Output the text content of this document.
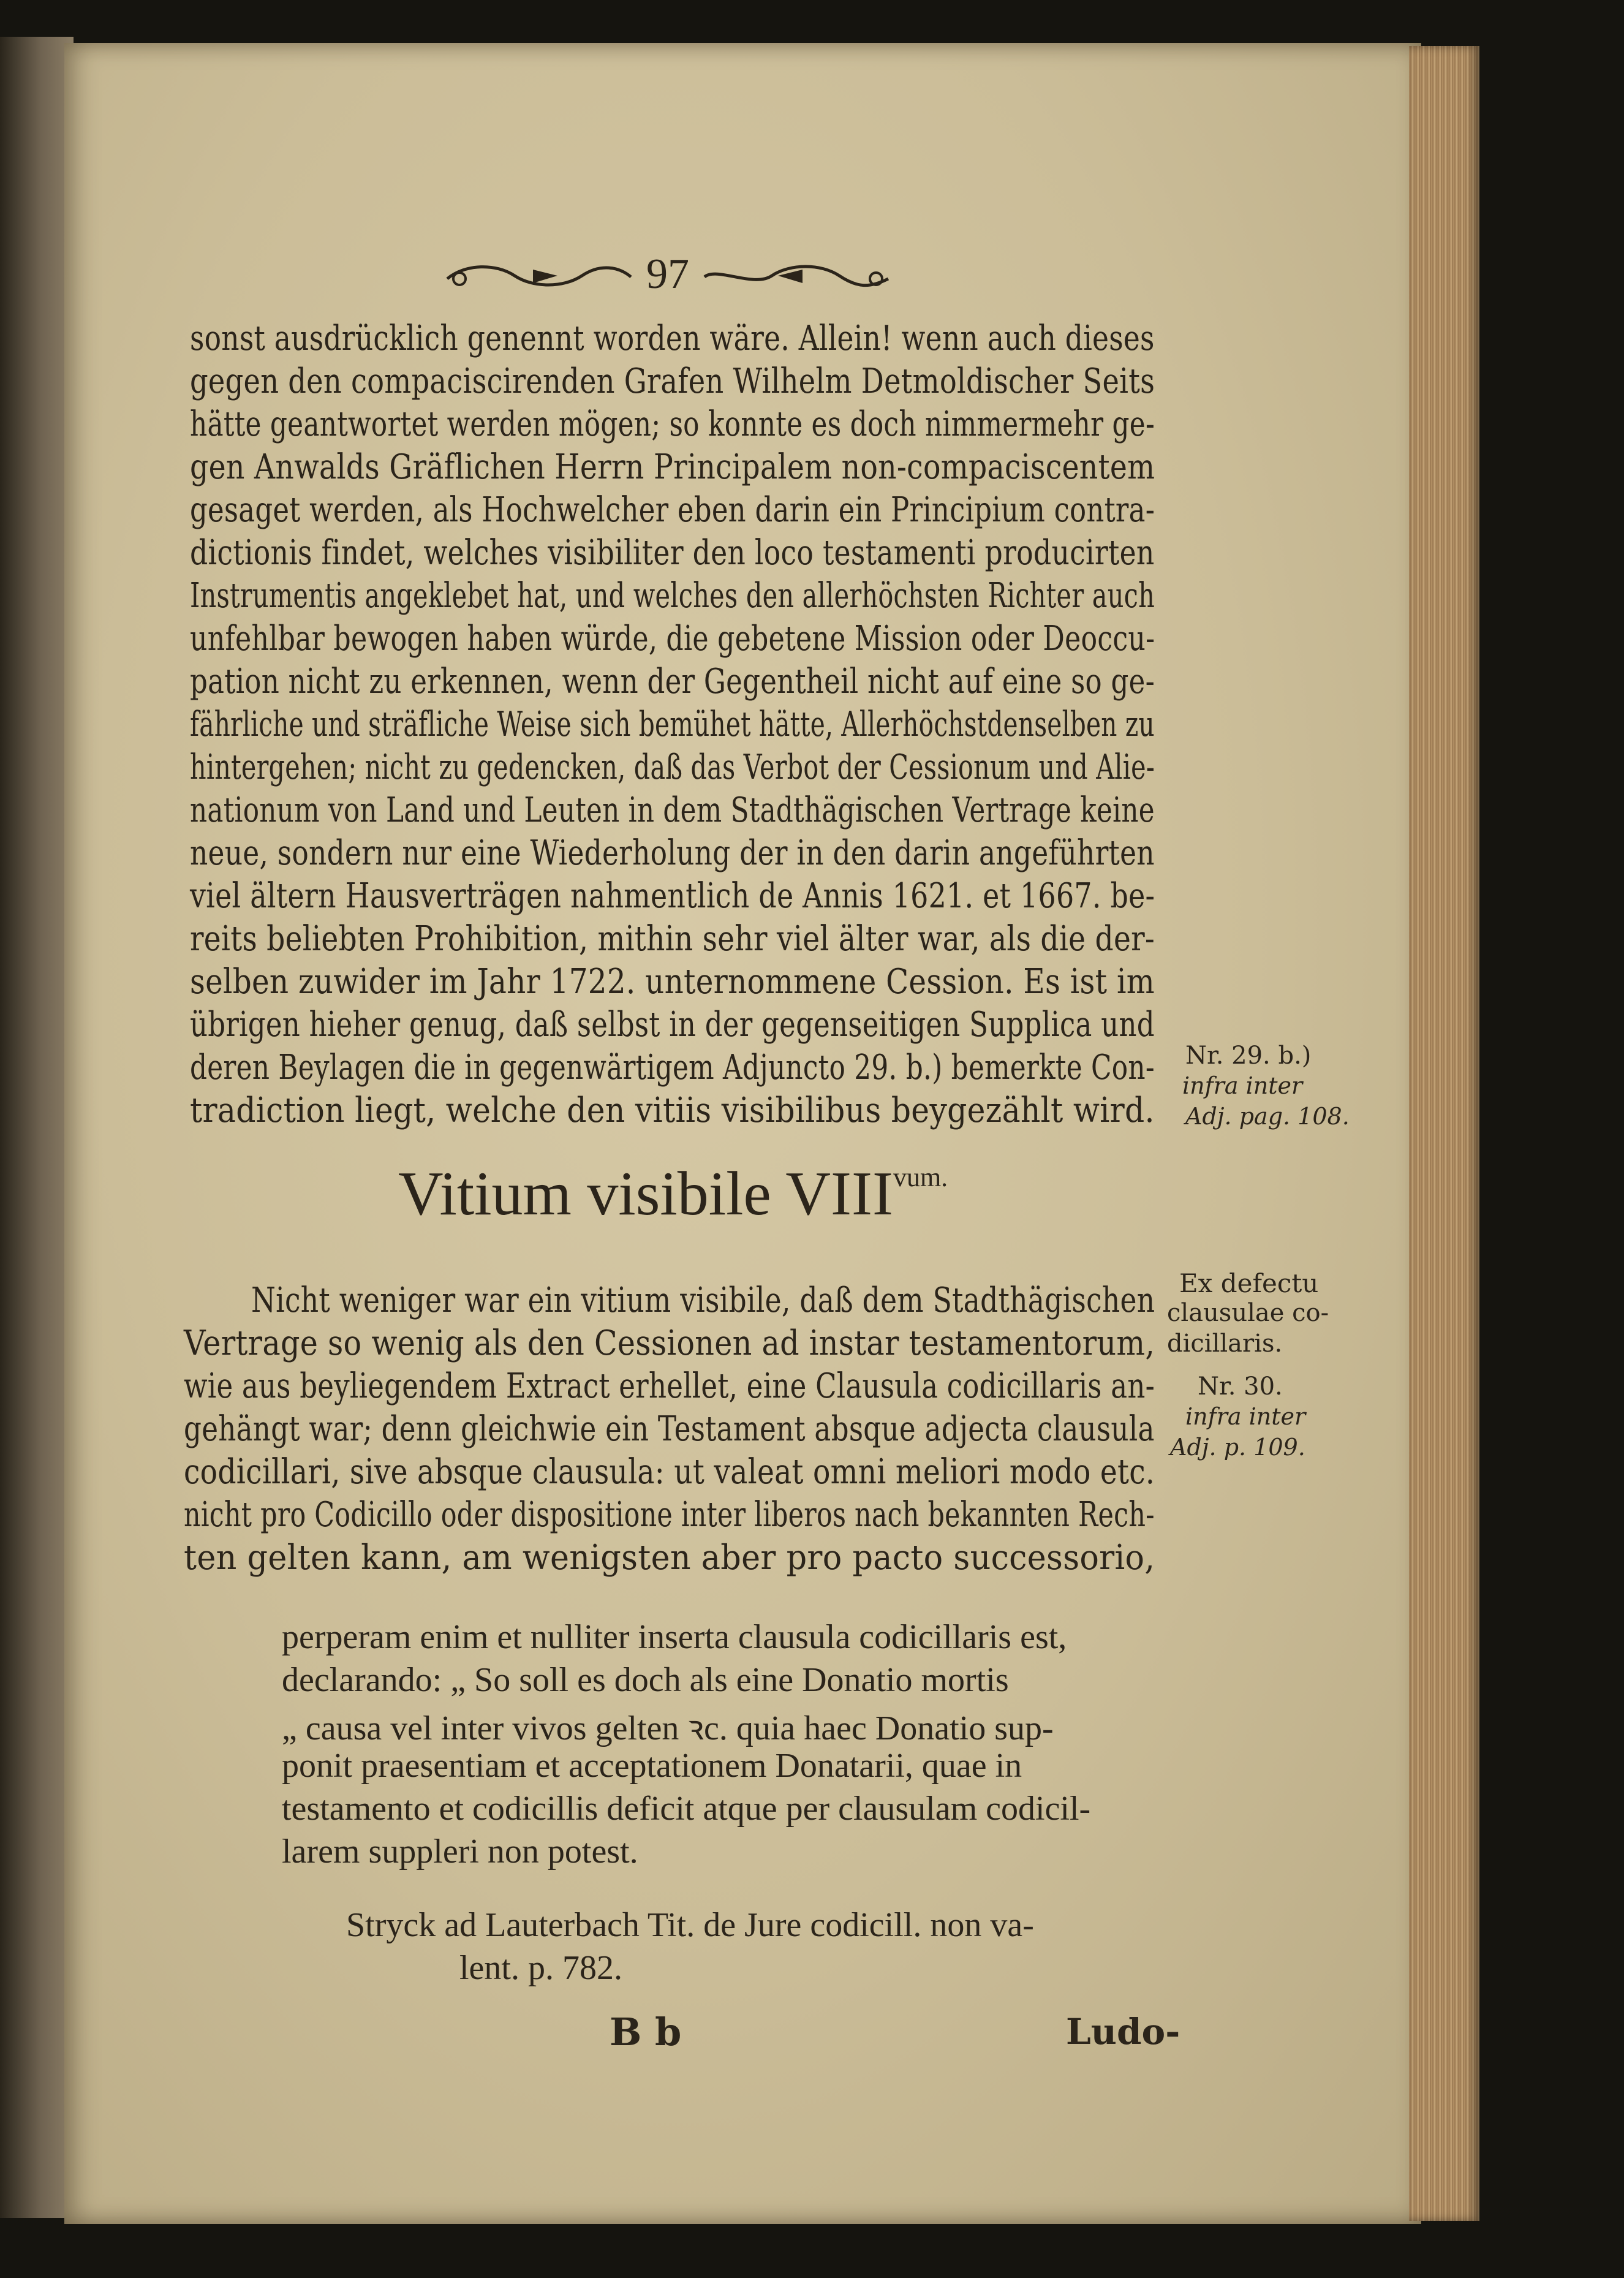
97
sonst ausdrücklich genennt worden wäre. Allein! wenn auch dieses
gegen den compaciscirenden Grafen Wilhelm Detmoldischer Seits
hätte geantwortet werden mögen; so konnte es doch nimmermehr ge-
gen Anwalds Gräflichen Herrn Principalem non-compaciscentem
gesaget werden, als Hochwelcher eben darin ein Principium contra-
dictionis findet, welches visibiliter den loco testamenti producirten
Instrumentis angeklebet hat, und welches den allerhöchsten Richter auch
unfehlbar bewogen haben würde, die gebetene Mission oder Deoccu-
pation nicht zu erkennen, wenn der Gegentheil nicht auf eine so ge-
fährliche und sträfliche Weise sich bemühet hätte, Allerhöchstdenselben zu
hintergehen; nicht zu gedencken, daß das Verbot der Cessionum und Alie-
nationum von Land und Leuten in dem Stadthägischen Vertrage keine
neue, sondern nur eine Wiederholung der in den darin angeführten
viel ältern Hausverträgen nahmentlich de Annis 1621. et 1667. be-
reits beliebten Prohibition, mithin sehr viel älter war, als die der-
selben zuwider im Jahr 1722. unternommene Cession. Es ist im
übrigen hieher genug, daß selbst in der gegenseitigen Supplica und
deren Beylagen die in gegenwärtigem Adjuncto 29. b.) bemerkte Con-
tradiction liegt, welche den vitiis visibilibus beygezählt wird.
Nr. 29. b.)
infra inter
Adj. pag. 108.
Vitium visibile $VIII^{vum.}$
Ex defectu
clausulae co-
dicillaris.
Nr. 30.
infra inter
Adj. p. 109.
Nicht weniger war ein vitium visibile, daß dem Stadthägischen
Vertrage so wenig als den Cessionen ad instar testamentorum,
wie aus beyliegendem Extract erhellet, eine Clausula codicillaris an-
gehängt war; denn gleichwie ein Testament absque adjecta clausula
codicillari, sive absque clausula: ut valeat omni meliori modo etc.
nicht pro Codicillo oder dispositione inter liberos nach bekannten Rech-
ten gelten kann, am wenigsten aber pro pacto successorio,
perperam enim et nulliter inserta clausula codicillaris est,
declarando: „ So soll es doch als eine Donatio mortis
„ causa vel inter vivos gelten ꝛc. quia haec Donatio sup-
ponit praesentiam et acceptationem Donatarii, quae in
testamento et codicillis deficit atque per clausulam codicil-
larem suppleri non potest.
Stryck ad Lauterbach Tit. de Jure codicill. non va-
lent. p. 782.
B b	Ludo-
